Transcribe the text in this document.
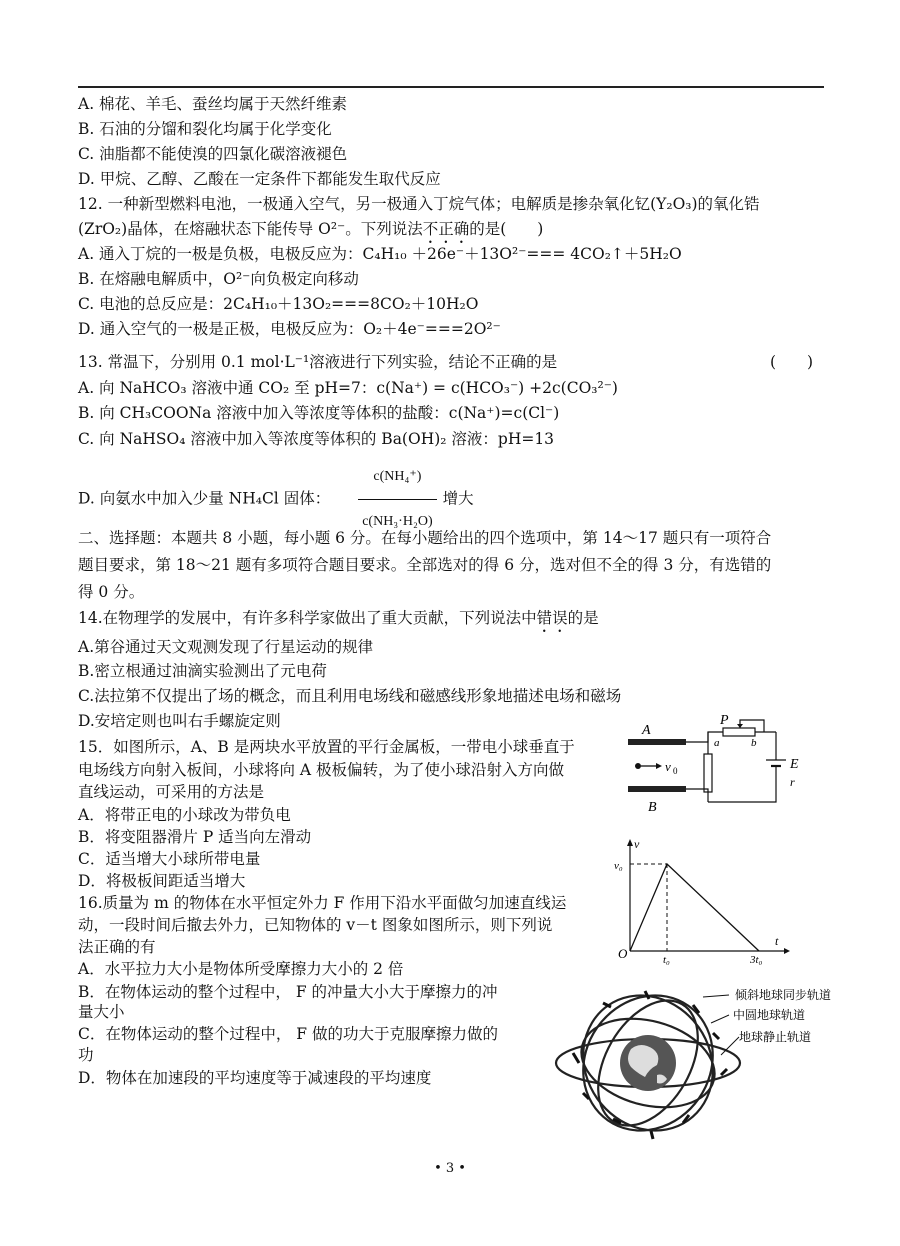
A. 棉花、羊毛、蚕丝均属于天然纤维素
B. 石油的分馏和裂化均属于化学变化
C. 油脂都不能使溴的四氯化碳溶液褪色
D. 甲烷、乙醇、乙酸在一定条件下都能发生取代反应
12. 一种新型燃料电池，一极通入空气，另一极通入丁烷气体；电解质是掺杂氧化钇(Y₂O₃)的氧化锆
(ZrO₂)晶体，在熔融状态下能传导 O²⁻。下列说法不正确的是(　　)
A. 通入丁烷的一极是负极，电极反应为：C₄H₁₀ ＋26e⁻＋13O²⁻=== 4CO₂↑＋5H₂O
B. 在熔融电解质中，O²⁻向负极定向移动
C. 电池的总反应是：2C₄H₁₀＋13O₂===8CO₂＋10H₂O
D. 通入空气的一极是正极，电极反应为：O₂＋4e⁻===2O²⁻
13. 常温下，分别用 0.1 mol·L⁻¹溶液进行下列实验，结论不正确的是	(　　)
A. 向 NaHCO₃ 溶液中通 CO₂ 至 pH=7：c(Na⁺) = c(HCO₃⁻) +2c(CO₃²⁻)
B. 向 CH₃COONa 溶液中加入等浓度等体积的盐酸：c(Na⁺)=c(Cl⁻)
C. 向 NaHSO₄ 溶液中加入等浓度等体积的 Ba(OH)₂ 溶液：pH=13
D. 向氨水中加入少量 NH₄Cl 固体： $\frac{\text{c(NH₄⁺)}}{\text{c(NH₃·H₂O)}}$ 增大
二、选择题：本题共 8 小题，每小题 6 分。在每小题给出的四个选项中，第 14～17 题只有一项符合
题目要求，第 18～21 题有多项符合题目要求。全部选对的得 6 分，选对但不全的得 3 分，有选错的
得 0 分。
14.在物理学的发展中，有许多科学家做出了重大贡献，下列说法中错误的是
A.第谷通过天文观测发现了行星运动的规律
B.密立根通过油滴实验测出了元电荷
C.法拉第不仅提出了场的概念，而且利用电场线和磁感线形象地描述电场和磁场
D.安培定则也叫右手螺旋定则
15．如图所示，A、B 是两块水平放置的平行金属板，一带电小球垂直于
电场线方向射入板间，小球将向 A 极板偏转，为了使小球沿射入方向做
直线运动，可采用的方法是
A．将带正电的小球改为带负电
B．将变阻器滑片 P 适当向左滑动
C．适当增大小球所带电量
D．将极板间距适当增大
16.质量为 m 的物体在水平恒定外力 F 作用下沿水平面做匀加速直线运
动，一段时间后撤去外力，已知物体的 v－t 图象如图所示，则下列说
法正确的有
A．水平拉力大小是物体所受摩擦力大小的 2 倍
B．在物体运动的整个过程中， F 的冲量大小大于摩擦力的冲
量大小
C．在物体运动的整个过程中， F 做的功大于克服摩擦力做的
功
D．物体在加速段的平均速度等于减速段的平均速度
A
B
v 0
P
a	b
E
r
v
t
O
v₀
t₀	3t₀
倾斜地球同步轨道
中圆地球轨道
地球静止轨道
• 3 •
